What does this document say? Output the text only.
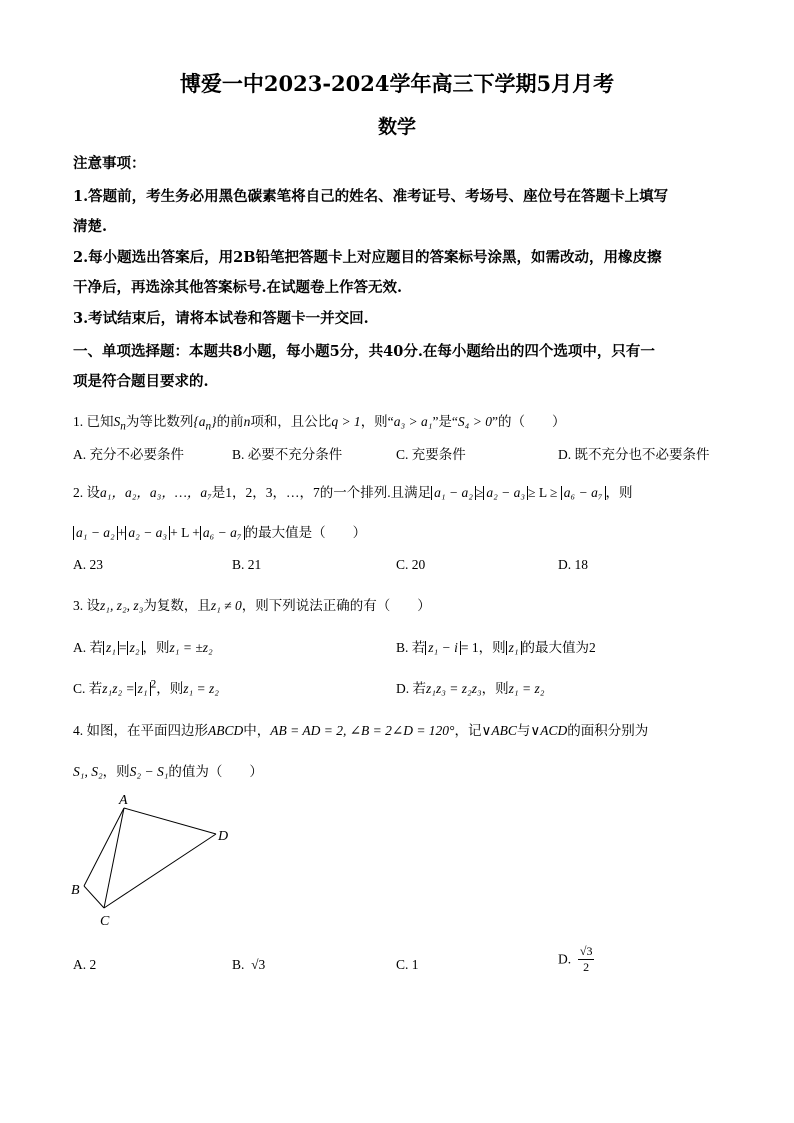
博爱一中2023-2024学年高三下学期5月月考
数学
注意事项：
1.答题前，考生务必用黑色碳素笔将自己的姓名、准考证号、考场号、座位号在答题卡上填写
清楚.
2.每小题选出答案后，用2B铅笔把答题卡上对应题目的答案标号涂黑，如需改动，用橡皮擦
干净后，再选涂其他答案标号.在试题卷上作答无效.
3.考试结束后，请将本试卷和答题卡一并交回.
一、单项选择题：本题共8小题，每小题5分，共40分.在每小题给出的四个选项中，只有一
项是符合题目要求的.
1. 已知$S_n$为等比数列$\{a_n\}$的前n项和，且公比q > 1，则“a₃ > a₁”是“S₄ > 0”的（　　）
A. 充分不必要条件	B. 必要不充分条件	C. 充要条件	D. 既不充分也不必要条件
2. 设a₁，a₂，a₃，…，a₇是1，2，3，…，7的一个排列.且满足 a₁ − a₂ ≥ a₂ − a₃ ≥ L ≥ a₆ − a₇ ，则
a₁ − a₂ + a₂ − a₃ + L + a₆ − a₇ 的最大值是（　　）
A. 23	B. 21	C. 20	D. 18
3. 设z₁, z₂, z₃为复数，且z₁ ≠ 0，则下列说法正确的有（　　）
A. 若 z₁ = z₂ ，则z₁ = ±z₂	B. 若 z₁ − i = 1，则 z₁ 的最大值为2
C. 若z₁z₂ = z₁ $^2$，则z₁ = z₂	D. 若z₁z₃ = z₂z₃，则z₁ = z₂
4. 如图，在平面四边形ABCD中，AB = AD = 2, ∠B = 2∠D = 120°，记∨ABC与∨ACD的面积分别为
S₁, S₂，则S₂ − S₁的值为（　　）
A
D
B
C
A. 2	B. √3	C. 1	D. $\frac{√3}{2}$
